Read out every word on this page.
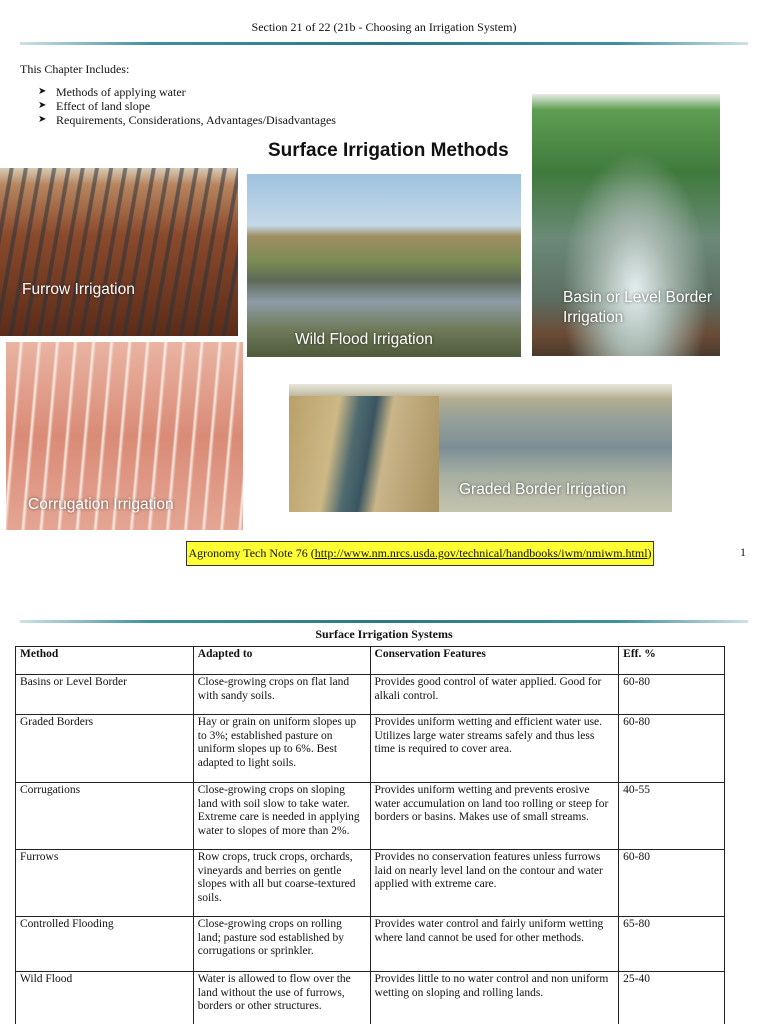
Section 21 of 22 (21b - Choosing an Irrigation System)
This Chapter Includes:
➤ Methods of applying water
➤ Effect of land slope
➤ Requirements, Considerations, Advantages/Disadvantages
Surface Irrigation Methods
Furrow Irrigation
Wild Flood Irrigation
Basin or Level Border Irrigation
Corrugation Irrigation
Graded Border Irrigation
Agronomy Tech Note 76 (http://www.nm.nrcs.usda.gov/technical/handbooks/iwm/nmiwm.html)	1
Surface Irrigation Systems
Method	Adapted to	Conservation Features	Eff. %
Basins or Level Border	Close-growing crops on flat land with sandy soils.	Provides good control of water applied. Good for alkali control.	60-80
Graded Borders	Hay or grain on uniform slopes up to 3%; established pasture on uniform slopes up to 6%. Best adapted to light soils.	Provides uniform wetting and efficient water use. Utilizes large water streams safely and thus less time is required to cover area.	60-80
Corrugations	Close-growing crops on sloping land with soil slow to take water. Extreme care is needed in applying water to slopes of more than 2%.	Provides uniform wetting and prevents erosive water accumulation on land too rolling or steep for borders or basins. Makes use of small streams.	40-55
Furrows	Row crops, truck crops, orchards, vineyards and berries on gentle slopes with all but coarse-textured soils.	Provides no conservation features unless furrows laid on nearly level land on the contour and water applied with extreme care.	60-80
Controlled Flooding	Close-growing crops on rolling land; pasture sod established by corrugations or sprinkler.	Provides water control and fairly uniform wetting where land cannot be used for other methods.	65-80
Wild Flood	Water is allowed to flow over the land without the use of furrows, borders or other structures.	Provides little to no water control and non uniform wetting on sloping and rolling lands.	25-40
